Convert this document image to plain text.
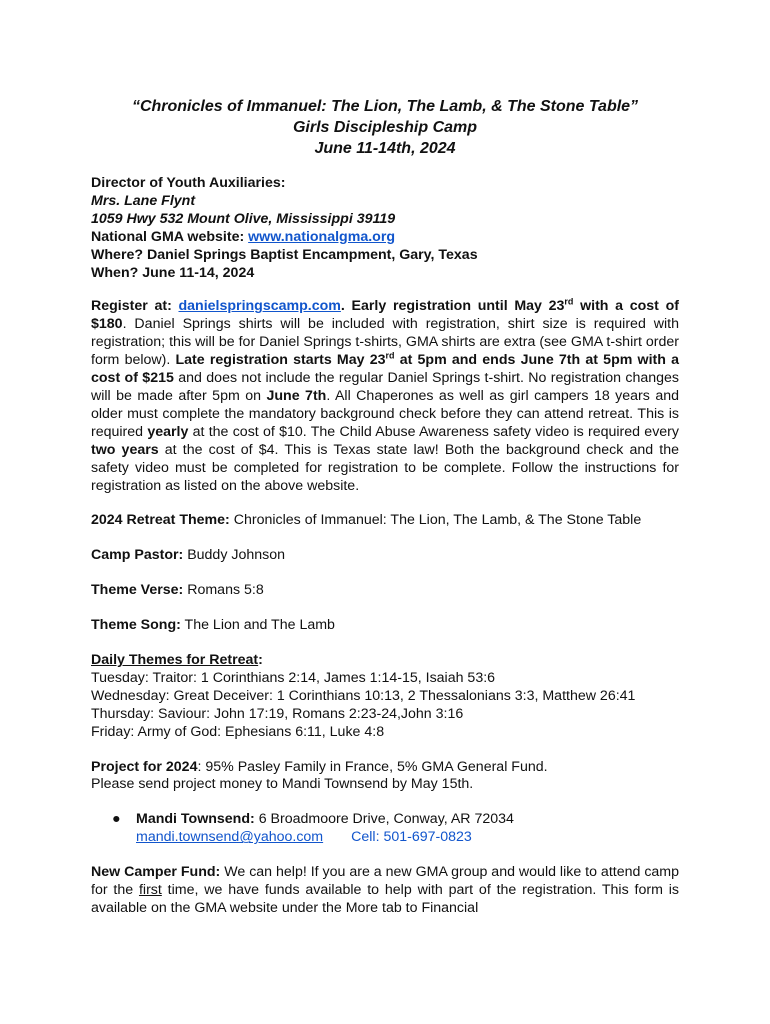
“Chronicles of Immanuel: The Lion, The Lamb, & The Stone Table”
Girls Discipleship Camp
June 11-14th, 2024
Director of Youth Auxiliaries:
Mrs. Lane Flynt
1059 Hwy 532 Mount Olive, Mississippi 39119
National GMA website: www.nationalgma.org
Where? Daniel Springs Baptist Encampment, Gary, Texas
When? June 11-14, 2024
Register at: danielspringscamp.com. Early registration until May 23rd with a cost of $180. Daniel Springs shirts will be included with registration, shirt size is required with registration; this will be for Daniel Springs t-shirts, GMA shirts are extra (see GMA t-shirt order form below). Late registration starts May 23rd at 5pm and ends June 7th at 5pm with a cost of $215 and does not include the regular Daniel Springs t-shirt. No registration changes will be made after 5pm on June 7th. All Chaperones as well as girl campers 18 years and older must complete the mandatory background check before they can attend retreat. This is required yearly at the cost of $10. The Child Abuse Awareness safety video is required every two years at the cost of $4. This is Texas state law! Both the background check and the safety video must be completed for registration to be complete. Follow the instructions for registration as listed on the above website.
2024 Retreat Theme: Chronicles of Immanuel: The Lion, The Lamb, & The Stone Table
Camp Pastor: Buddy Johnson
Theme Verse: Romans 5:8
Theme Song: The Lion and The Lamb
Daily Themes for Retreat:
Tuesday: Traitor: 1 Corinthians 2:14, James 1:14-15, Isaiah 53:6
Wednesday: Great Deceiver: 1 Corinthians 10:13, 2 Thessalonians 3:3, Matthew 26:41
Thursday: Saviour: John 17:19, Romans 2:23-24,John 3:16
Friday: Army of God: Ephesians 6:11, Luke 4:8
Project for 2024: 95% Pasley Family in France, 5% GMA General Fund.
Please send project money to Mandi Townsend by May 15th.
● Mandi Townsend: 6 Broadmoore Drive, Conway, AR 72034
mandi.townsend@yahoo.com Cell: 501-697-0823
New Camper Fund: We can help! If you are a new GMA group and would like to attend camp for the first time, we have funds available to help with part of the registration. This form is available on the GMA website under the More tab to Financial
